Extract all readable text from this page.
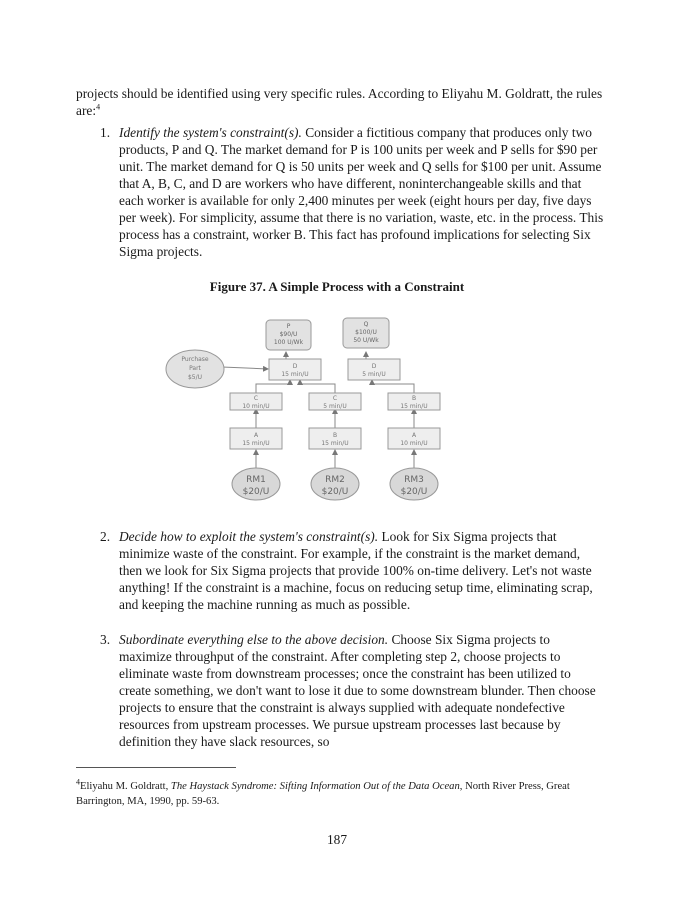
projects should be identified using very specific rules. According to Eliyahu M. Goldratt, the rules are:$^4$

1. Identify the system's constraint(s). Consider a fictitious company that produces only two products, P and Q. The market demand for P is 100 units per week and P sells for $90 per unit. The market demand for Q is 50 units per week and Q sells for $100 per unit. Assume that A, B, C, and D are workers who have different, noninterchangeable skills and that each worker is available for only 2,400 minutes per week (eight hours per day, five days per week). For simplicity, assume that there is no variation, waste, etc. in the process. This process has a constraint, worker B. This fact has profound implications for selecting Six Sigma projects.
Figure 37. A Simple Process with a Constraint
P
$90/U
100 U/Wk
Q
$100/U
50 U/Wk
Purchase
Part
$5/U
D
15 min/U
D
5 min/U
C
10 min/U
C
5 min/U
B
15 min/U
A
15 min/U
B
15 min/U
A
10 min/U
RM1
$20/U
RM2
$20/U
RM3
$20/U
2. Decide how to exploit the system's constraint(s). Look for Six Sigma projects that minimize waste of the constraint. For example, if the constraint is the market demand, then we look for Six Sigma projects that provide 100% on-time delivery. Let's not waste anything! If the constraint is a machine, focus on reducing setup time, eliminating scrap, and keeping the machine running as much as possible.
3. Subordinate everything else to the above decision. Choose Six Sigma projects to maximize throughput of the constraint. After completing step 2, choose projects to eliminate waste from downstream processes; once the constraint has been utilized to create something, we don't want to lose it due to some downstream blunder. Then choose projects to ensure that the constraint is always supplied with adequate nondefective resources from upstream processes. We pursue upstream processes last because by definition they have slack resources, so
$^4$Eliyahu M. Goldratt, The Haystack Syndrome: Sifting Information Out of the Data Ocean, North River Press, Great Barrington, MA, 1990, pp. 59-63.
187
